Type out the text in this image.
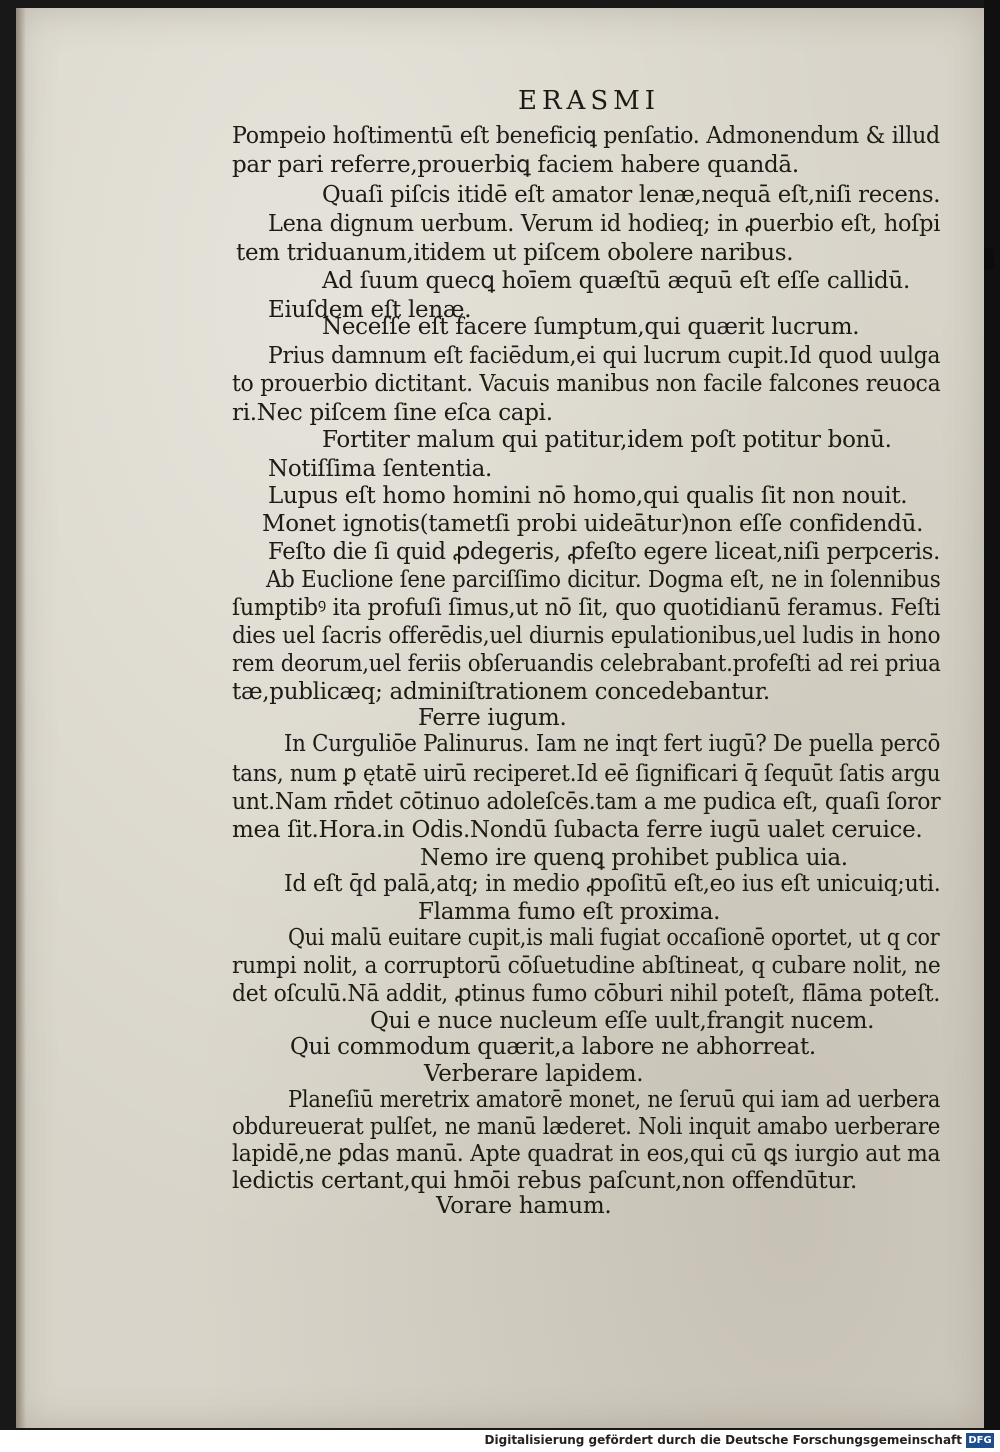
ERASMI
Pompeio hoſtimentū eſt beneficiꝗ penſatio. Admonendum & illud
par pari referre,prouerbiꝗ faciem habere quandā.
Quaſi piſcis itidē eſt amator lenæ,nequā eſt,niſi recens.
Lena dignum uerbum. Verum id hodieq; in ꝓuerbio eſt, hoſpi
tem triduanum,itidem ut piſcem obolere naribus.
Ad ſuum quecꝗ hoīem quæſtū æquū eſt eſſe callidū.
Eiuſdem eſt lenæ.
Neceſſe eſt facere ſumptum,qui quærit lucrum.
Prius damnum eſt faciēdum,ei qui lucrum cupit.Id quod uulga
to prouerbio dictitant. Vacuis manibus non facile falcones reuoca
ri.Nec piſcem ſine eſca capi.
Fortiter malum qui patitur,idem poſt potitur bonū.
Notiſſima ſententia.
Lupus eſt homo homini nō homo,qui qualis ſit non nouit.
Monet ignotis(tametſi probi uideātur)non eſſe confidendū.
Feſto die ſi quid ꝓdegeris, ꝓfeſto egere liceat,niſi perpceris.
Ab Euclione ſene parciſſimo dicitur. Dogma eſt, ne in ſolennibus
ſumptibꝰ ita profuſi ſimus,ut nō ſit, quo quotidianū feramus. Feſti
dies uel ſacris offerēdis,uel diurnis epulationibus,uel ludis in hono
rem deorum,uel feriis obſeruandis celebrabant.profeſti ad rei priua
tæ,publicæq; adminiſtrationem concedebantur.
Ferre iugum.
In Curguliōe Palinurus. Iam ne inqt fert iugū? De puella percō
tans, num ꝑ ętatē uirū reciperet.Id eē ſignificari q̄ ſequūt ſatis argu
unt.Nam rn̄det cōtinuo adoleſcēs.tam a me pudica eſt, quaſi ſoror
mea ſit.Hora.in Odis.Nondū ſubacta ferre iugū ualet ceruice.
Nemo ire quenꝗ prohibet publica uia.
Id eſt q̄d palā,atq; in medio ꝓpoſitū eſt,eo ius eſt unicuiq;uti.
Flamma fumo eſt proxima.
Qui malū euitare cupit,is mali fugiat occaſionē oportet, ut q cor
rumpi nolit, a corruptorū cōſuetudine abſtineat, q cubare nolit, ne
det oſculū.Nā addit, ꝓtinus fumo cōburi nihil poteſt, flāma poteſt.
Qui e nuce nucleum eſſe uult,frangit nucem.
Qui commodum quærit,a labore ne abhorreat.
Verberare lapidem.
Planeſiū meretrix amatorē monet, ne ſeruū qui iam ad uerbera
obdureuerat pulſet, ne manū læderet. Noli inquit amabo uerberare
lapidē,ne ꝑdas manū. Apte quadrat in eos,qui cū ꝗs iurgio aut ma
ledictis certant,qui hmōi rebus paſcunt,non offendūtur.
Vorare hamum.
Digitalisierung gefördert durch die Deutsche Forschungsgemeinschaft DFG
